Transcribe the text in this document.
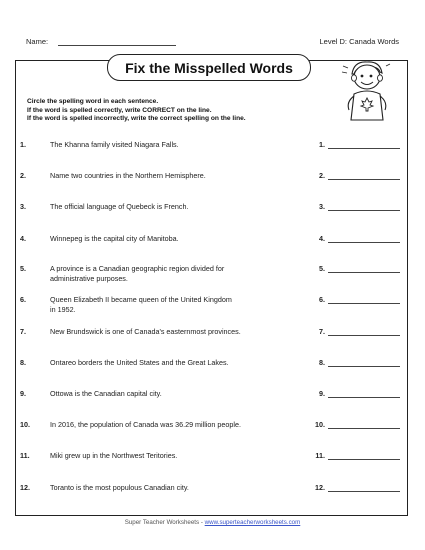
Name:	Level D: Canada Words
Fix the Misspelled Words
Circle the spelling word in each sentence.
If the word is spelled correctly, write CORRECT on the line.
If the word is spelled incorrectly, write the correct spelling on the line.
1.	The Khanna family visited Niagara Falls.	1.
2.	Name two countries in the Northern Hemisphere.	2.
3.	The official language of Quebeck is French.	3.
4.	Winnepeg is the capital city of Manitoba.	4.
5.	A province is a Canadian geographic region divided for
administrative purposes.
5.
6.	Queen Elizabeth II became queen of the United Kingdom
in 1952.
6.
7.	New Brundswick is one of Canada's easternmost provinces.	7.
8.	Ontareo borders the United States and the Great Lakes.	8.
9.	Ottowa is the Canadian capital city.	9.
10.	In 2016, the population of Canada was 36.29 million people.	10.
11.	Miki grew up in the Northwest Teritories.	11.
12.	Toranto is the most populous Canadian city.	12.
Super Teacher Worksheets - www.superteacherworksheets.com
